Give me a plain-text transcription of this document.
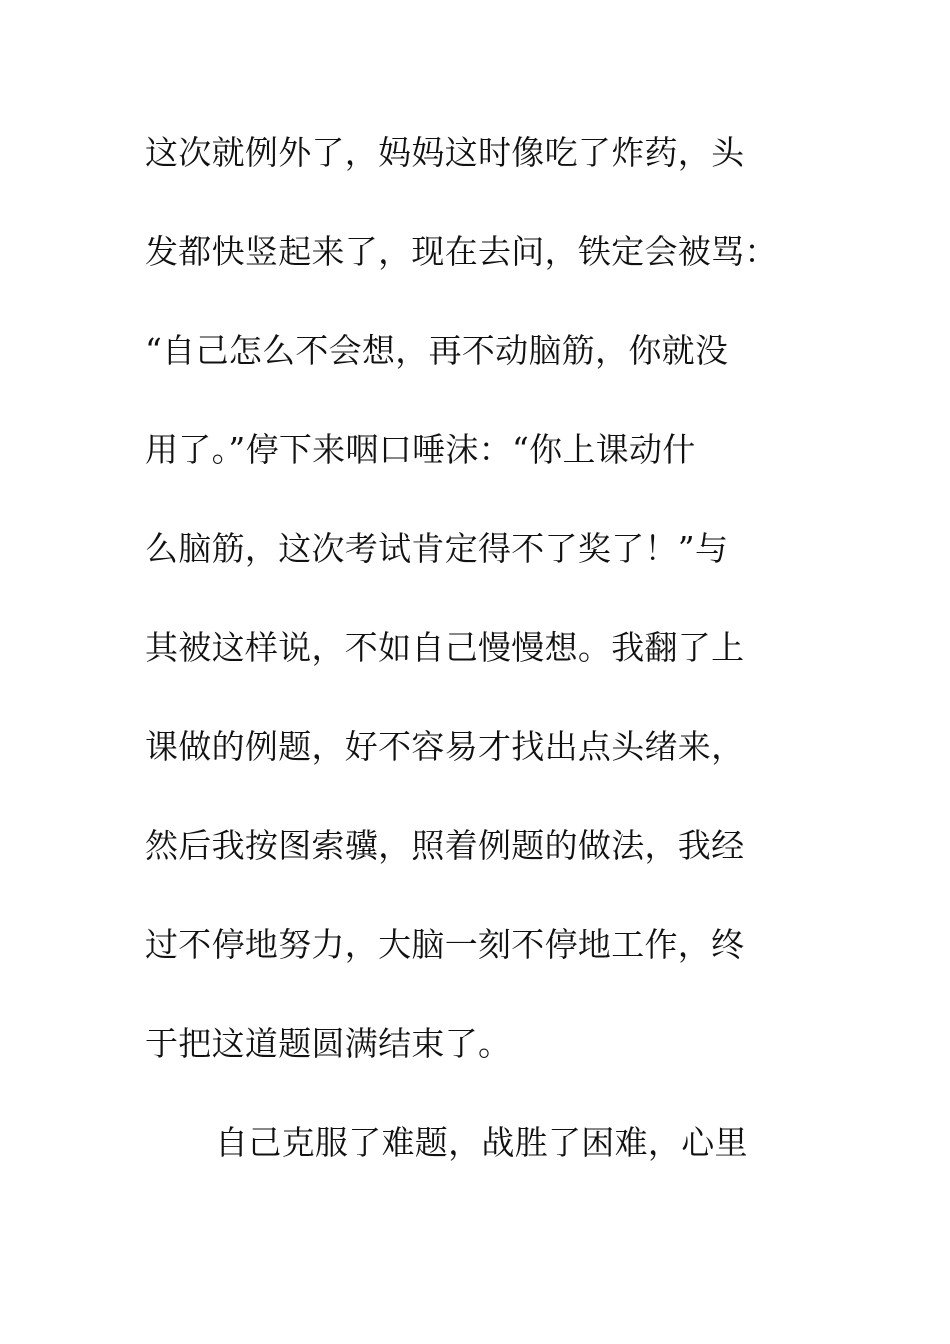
这次就例外了，妈妈这时像吃了炸药，头
发都快竖起来了，现在去问，铁定会被骂：
“自己怎么不会想，再不动脑筋，你就没
用了。”停下来咽口唾沫：“你上课动什
么脑筋，这次考试肯定得不了奖了！”与
其被这样说，不如自己慢慢想。我翻了上
课做的例题，好不容易才找出点头绪来，
然后我按图索骥，照着例题的做法，我经
过不停地努力，大脑一刻不停地工作，终
于把这道题圆满结束了。
自己克服了难题，战胜了困难，心里
